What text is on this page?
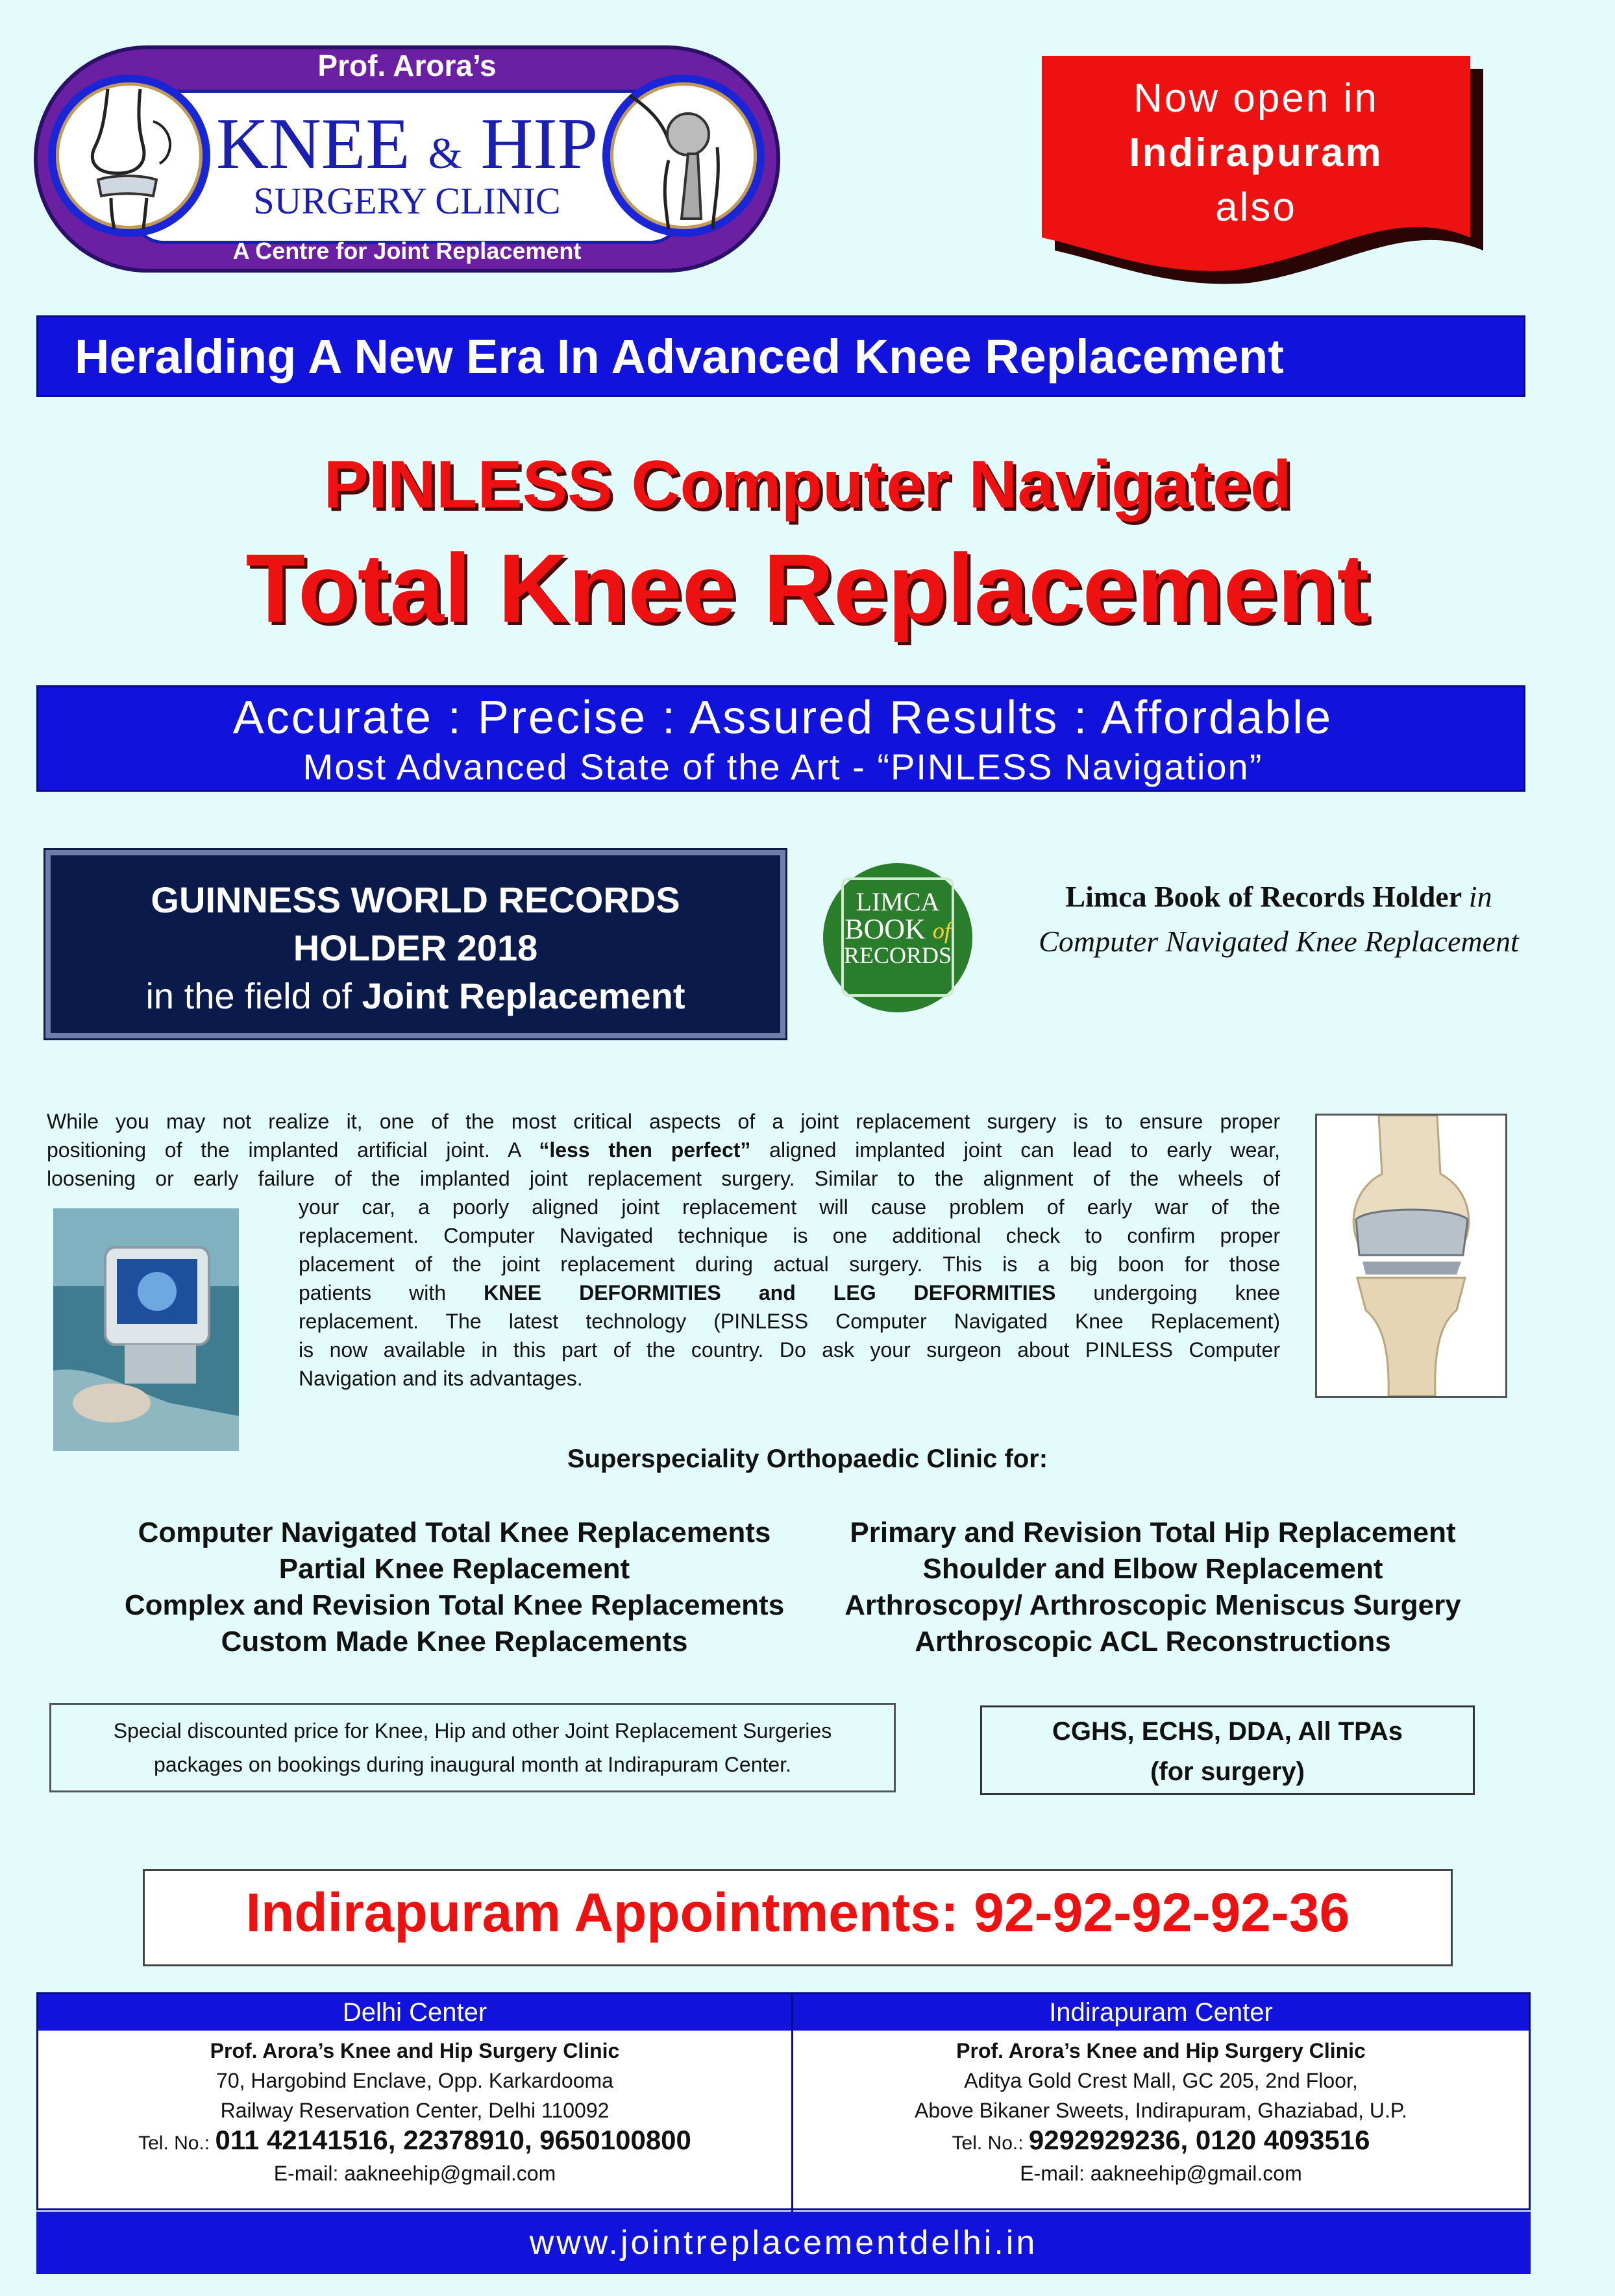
Prof. Arora’s
KNEE & HIP
SURGERY CLINIC
A Centre for Joint Replacement
Now open in
Indirapuram
also
Heralding A New Era In Advanced Knee Replacement
PINLESS Computer Navigated
Total Knee Replacement
Accurate : Precise : Assured Results : Affordable
Most Advanced State of the Art - “PINLESS Navigation”
GUINNESS WORLD RECORDS
HOLDER 2018
in the field of Joint Replacement
LIMCA
BOOK of
RECORDS
Limca Book of Records Holder in
Computer Navigated Knee Replacement
While you may not realize it, one of the most critical aspects of a joint replacement surgery is to ensure proper
positioning of the implanted artificial joint. A “less then perfect” aligned implanted joint can lead to early wear,
loosening or early failure of the implanted joint replacement surgery. Similar to the alignment of the wheels of
your car, a poorly aligned joint replacement will cause problem of early war of the
replacement. Computer Navigated technique is one additional check to confirm proper
placement of the joint replacement during actual surgery. This is a big boon for those
patients with KNEE DEFORMITIES and LEG DEFORMITIES undergoing knee
replacement. The latest technology (PINLESS Computer Navigated Knee Replacement)
is now available in this part of the country. Do ask your surgeon about PINLESS Computer
Navigation and its advantages.
Superspeciality Orthopaedic Clinic for:
Computer Navigated Total Knee Replacements
Partial Knee Replacement
Complex and Revision Total Knee Replacements
Custom Made Knee Replacements
Primary and Revision Total Hip Replacement
Shoulder and Elbow Replacement
Arthroscopy/ Arthroscopic Meniscus Surgery
Arthroscopic ACL Reconstructions
Special discounted price for Knee, Hip and other Joint Replacement Surgeries
packages on bookings during inaugural month at Indirapuram Center.
CGHS, ECHS, DDA, All TPAs
(for surgery)
Indirapuram Appointments: 92-92-92-92-36
Delhi Center	Indirapuram Center
Prof. Arora’s Knee and Hip Surgery Clinic
70, Hargobind Enclave, Opp. Karkardooma
Railway Reservation Center, Delhi 110092
Tel. No.: 011 42141516, 22378910, 9650100800
E-mail: aakneehip@gmail.com
Prof. Arora’s Knee and Hip Surgery Clinic
Aditya Gold Crest Mall, GC 205, 2nd Floor,
Above Bikaner Sweets, Indirapuram, Ghaziabad, U.P.
Tel. No.: 9292929236, 0120 4093516
E-mail: aakneehip@gmail.com
www.jointreplacementdelhi.in
